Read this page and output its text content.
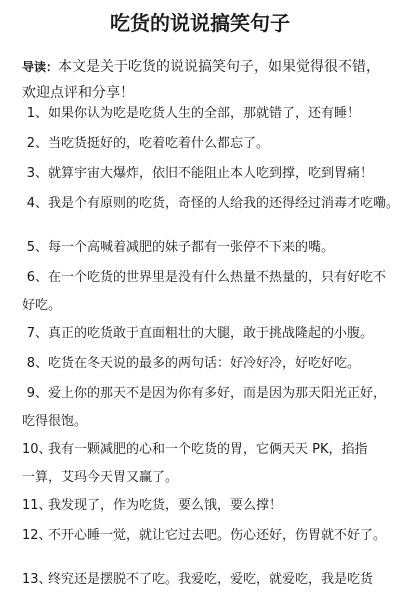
吃货的说说搞笑句子
导读：本文是关于吃货的说说搞笑句子，如果觉得很不错，
欢迎点评和分享！
1、如果你认为吃是吃货人生的全部，那就错了，还有睡！
2、当吃货挺好的，吃着吃着什么都忘了。
3、就算宇宙大爆炸，依旧不能阻止本人吃到撑，吃到胃痛！
4、我是个有原则的吃货，奇怪的人给我的还得经过消毒才吃嘞。
5、每一个高喊着减肥的妹子都有一张停不下来的嘴。
6、在一个吃货的世界里是没有什么热量不热量的，只有好吃不
好吃。
7、真正的吃货敢于直面粗壮的大腿，敢于挑战隆起的小腹。
8、吃货在冬天说的最多的两句话：好冷好冷，好吃好吃。
9、爱上你的那天不是因为你有多好，而是因为那天阳光正好，
吃得很饱。
10、我有一颗减肥的心和一个吃货的胃，它俩天天 PK，掐指
一算，艾玛今天胃又赢了。
11、我发现了，作为吃货，要么饿，要么撑！
12、不开心睡一觉，就让它过去吧。伤心还好，伤胃就不好了。
13、终究还是摆脱不了吃。我爱吃，爱吃，就爱吃，我是吃货
